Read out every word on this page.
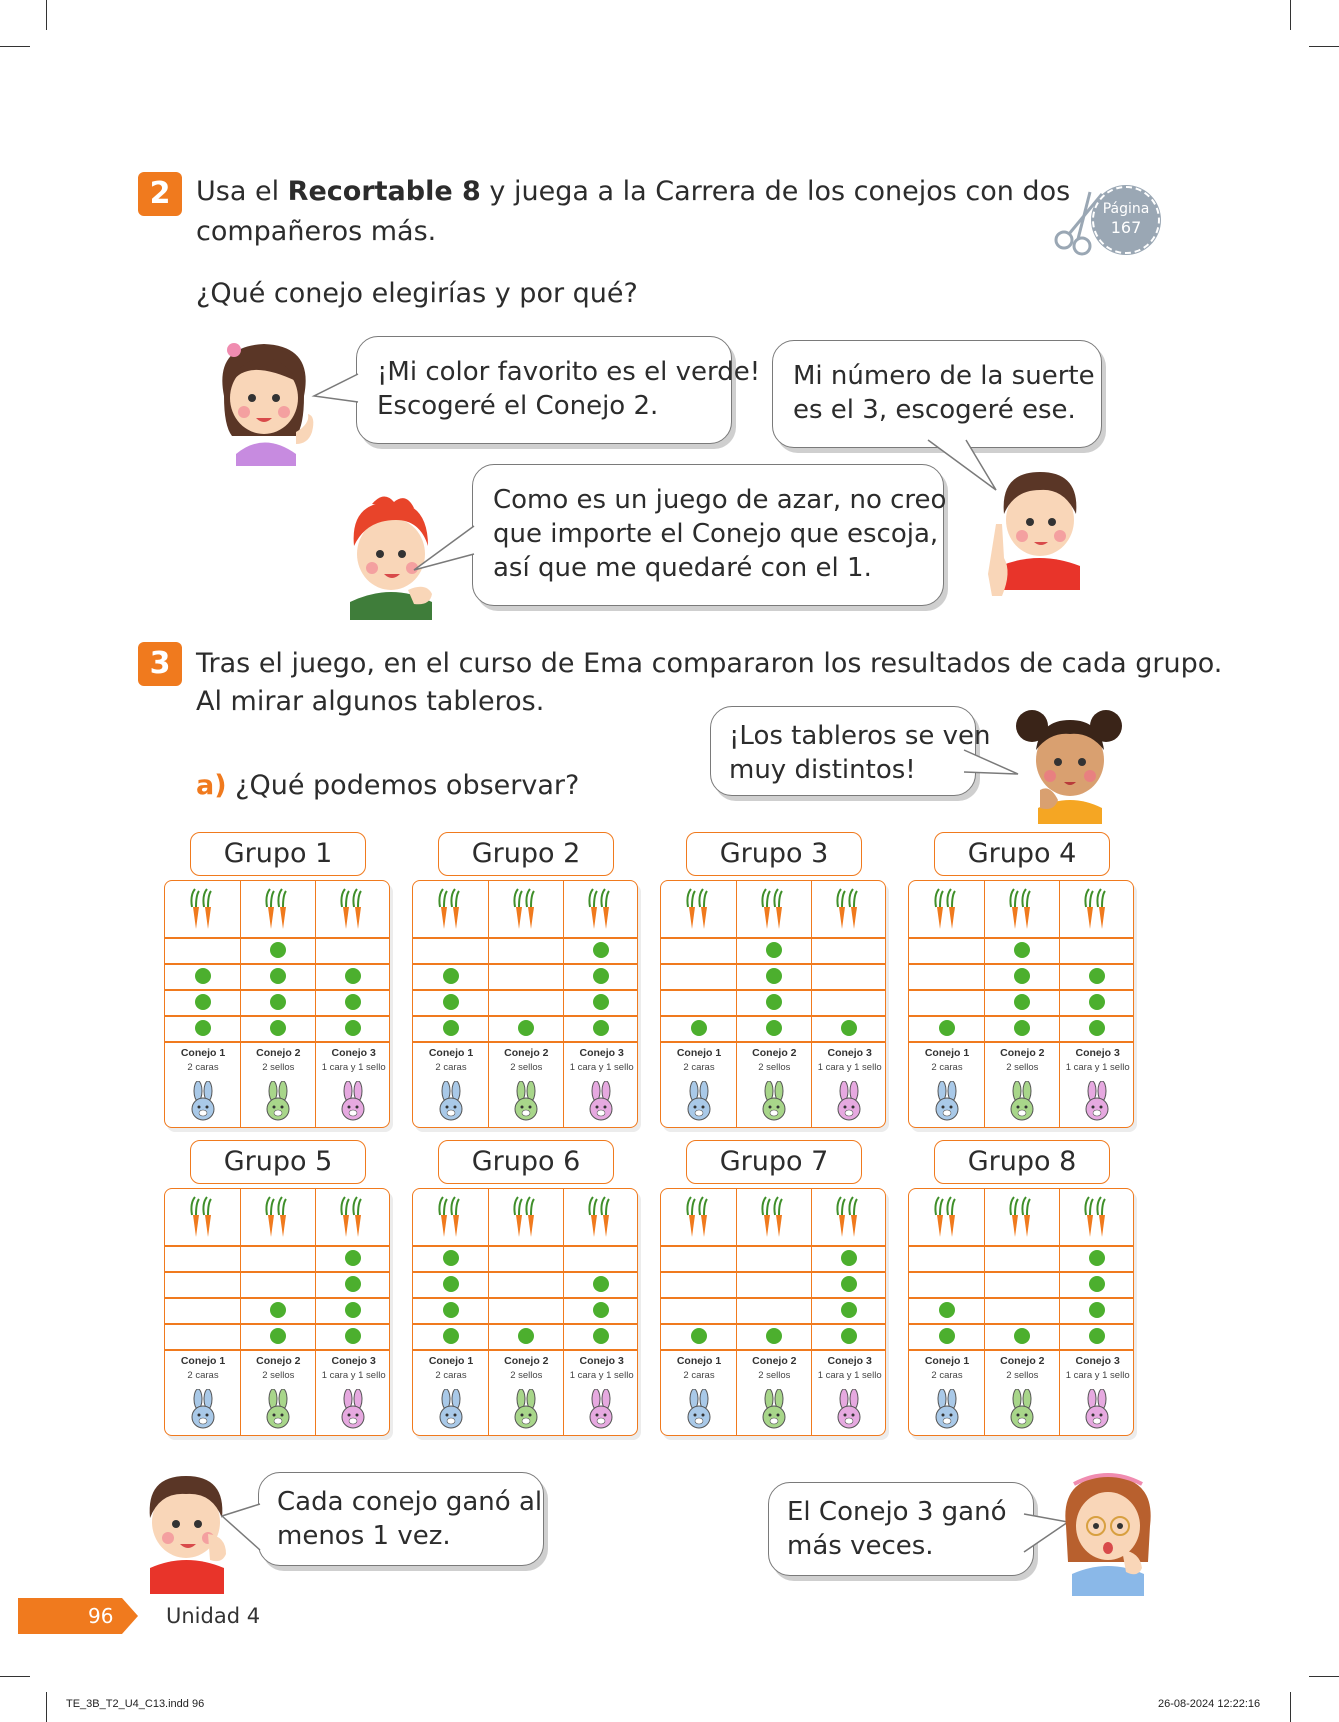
2 Usa el Recortable 8 y juega a la Carrera de los conejos con dos
compañeros más.
¿Qué conejo elegirías y por qué?
Página
167
¡Mi color favorito es el verde!
Escogeré el Conejo 2.
Mi número de la suerte
es el 3, escogeré ese.
Como es un juego de azar, no creo
que importe el Conejo que escoja,
así que me quedaré con el 1.
3 Tras el juego, en el curso de Ema compararon los resultados de cada grupo.
Al mirar algunos tableros.
a) ¿Qué podemos observar?
¡Los tableros se ven
muy distintos!
Grupo 1
Conejo 1
2 caras
Conejo 2
2 sellos
Conejo 3
1 cara y 1 sello
Grupo 2
Conejo 1
2 caras
Conejo 2
2 sellos
Conejo 3
1 cara y 1 sello
Grupo 3
Conejo 1
2 caras
Conejo 2
2 sellos
Conejo 3
1 cara y 1 sello
Grupo 4
Conejo 1
2 caras
Conejo 2
2 sellos
Conejo 3
1 cara y 1 sello
Grupo 5
Conejo 1
2 caras
Conejo 2
2 sellos
Conejo 3
1 cara y 1 sello
Grupo 6
Conejo 1
2 caras
Conejo 2
2 sellos
Conejo 3
1 cara y 1 sello
Grupo 7
Conejo 1
2 caras
Conejo 2
2 sellos
Conejo 3
1 cara y 1 sello
Grupo 8
Conejo 1
2 caras
Conejo 2
2 sellos
Conejo 3
1 cara y 1 sello
Cada conejo ganó al
menos 1 vez.
El Conejo 3 ganó
más veces.
96	Unidad 4
TE_3B_T2_U4_C13.indd 96	26-08-2024 12:22:16
